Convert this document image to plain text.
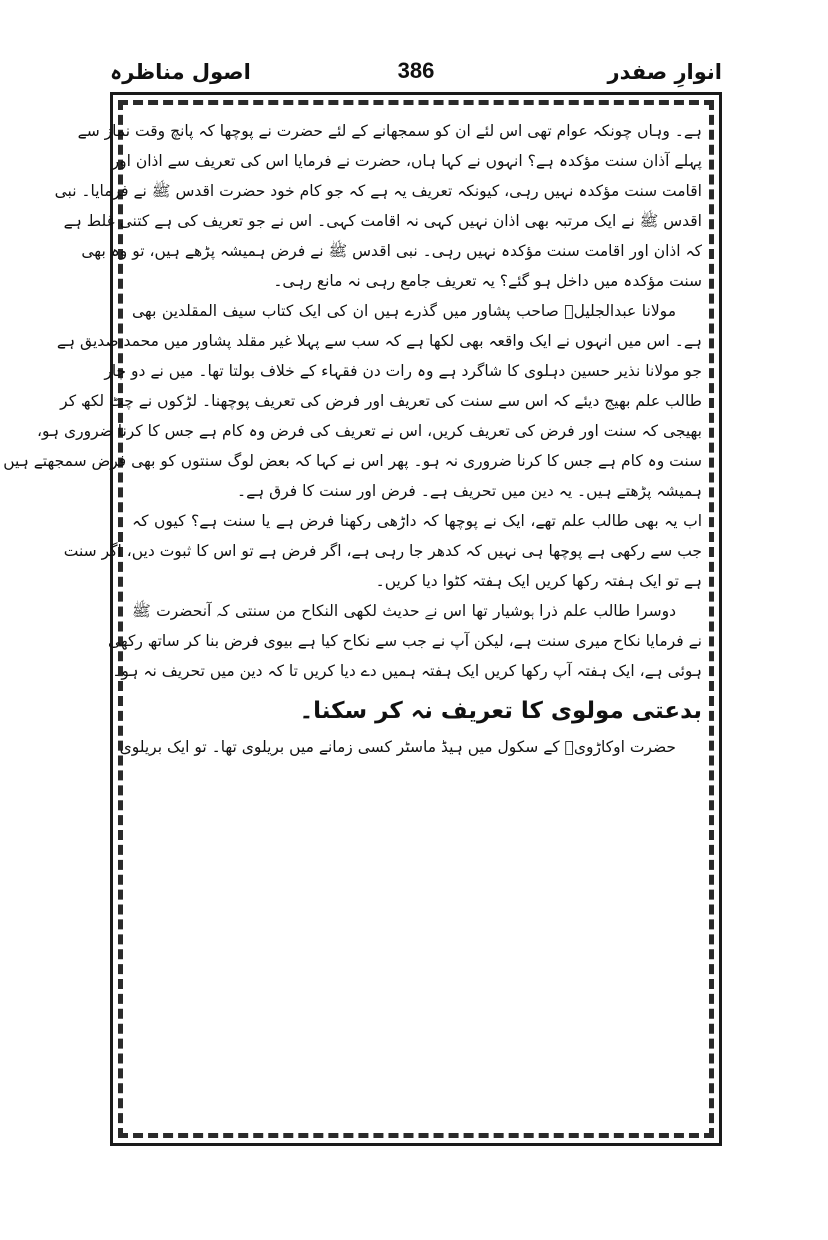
انوارِ صفدر
386
اصول مناظرہ
ہے۔ وہاں چونکہ عوام تھی اس لئے ان کو سمجھانے کے لئے حضرت نے پوچھا کہ پانچ وقت نماز سے
پہلے آذان سنت مؤکدہ ہے؟ انہوں نے کہا ہاں، حضرت نے فرمایا اس کی تعریف سے اذان اور
اقامت سنت مؤکدہ نہیں رہی، کیونکہ تعریف یہ ہے کہ جو کام خود حضرت اقدس ﷺ نے فرمایا۔ نبی
اقدس ﷺ نے ایک مرتبہ بھی اذان نہیں کہی نہ اقامت کہی۔ اس نے جو تعریف کی ہے کتنی غلط ہے
کہ اذان اور اقامت سنت مؤکدہ نہیں رہی۔ نبی اقدس ﷺ نے فرض ہمیشہ پڑھے ہیں، تو وہ بھی
سنت مؤکدہ میں داخل ہو گئے؟ یہ تعریف جامع رہی نہ مانع رہی۔
مولانا عبدالجلیلؒ صاحب پشاور میں گذرے ہیں ان کی ایک کتاب سیف المقلدین بھی
ہے۔ اس میں انہوں نے ایک واقعہ بھی لکھا ہے کہ سب سے پہلا غیر مقلد پشاور میں محمد صدیق ہے
جو مولانا نذیر حسین دہلوی کا شاگرد ہے وہ رات دن فقہاء کے خلاف بولتا تھا۔ میں نے دو چار
طالب علم بھیج دیئے کہ اس سے سنت کی تعریف اور فرض کی تعریف پوچھنا۔ لڑکوں نے چٹ لکھ کر
بھیجی کہ سنت اور فرض کی تعریف کریں، اس نے تعریف کی فرض وہ کام ہے جس کا کرنا ضروری ہو،
سنت وہ کام ہے جس کا کرنا ضروری نہ ہو۔ پھر اس نے کہا کہ بعض لوگ سنتوں کو بھی فرض سمجھتے ہیں
ہمیشہ پڑھتے ہیں۔ یہ دین میں تحریف ہے۔ فرض اور سنت کا فرق ہے۔
اب یہ بھی طالب علم تھے، ایک نے پوچھا کہ داڑھی رکھنا فرض ہے یا سنت ہے؟ کیوں کہ
جب سے رکھی ہے پوچھا ہی نہیں کہ کدھر جا رہی ہے، اگر فرض ہے تو اس کا ثبوت دیں، اگر سنت
ہے تو ایک ہفتہ رکھا کریں ایک ہفتہ کٹوا دیا کریں۔
دوسرا طالب علم ذرا ہوشیار تھا اس نے حدیث لکھی النکاح من سنتی کہ آنحضرت ﷺ
نے فرمایا نکاح میری سنت ہے، لیکن آپ نے جب سے نکاح کیا ہے بیوی فرض بنا کر ساتھ رکھی
ہوئی ہے، ایک ہفتہ آپ رکھا کریں ایک ہفتہ ہمیں دے دیا کریں تا کہ دین میں تحریف نہ ہو۔
بدعتی مولوی کا تعریف نہ کر سکنا۔
حضرت اوکاڑویؒ کے سکول میں ہیڈ ماسٹر کسی زمانے میں بریلوی تھا۔ تو ایک بریلوی
